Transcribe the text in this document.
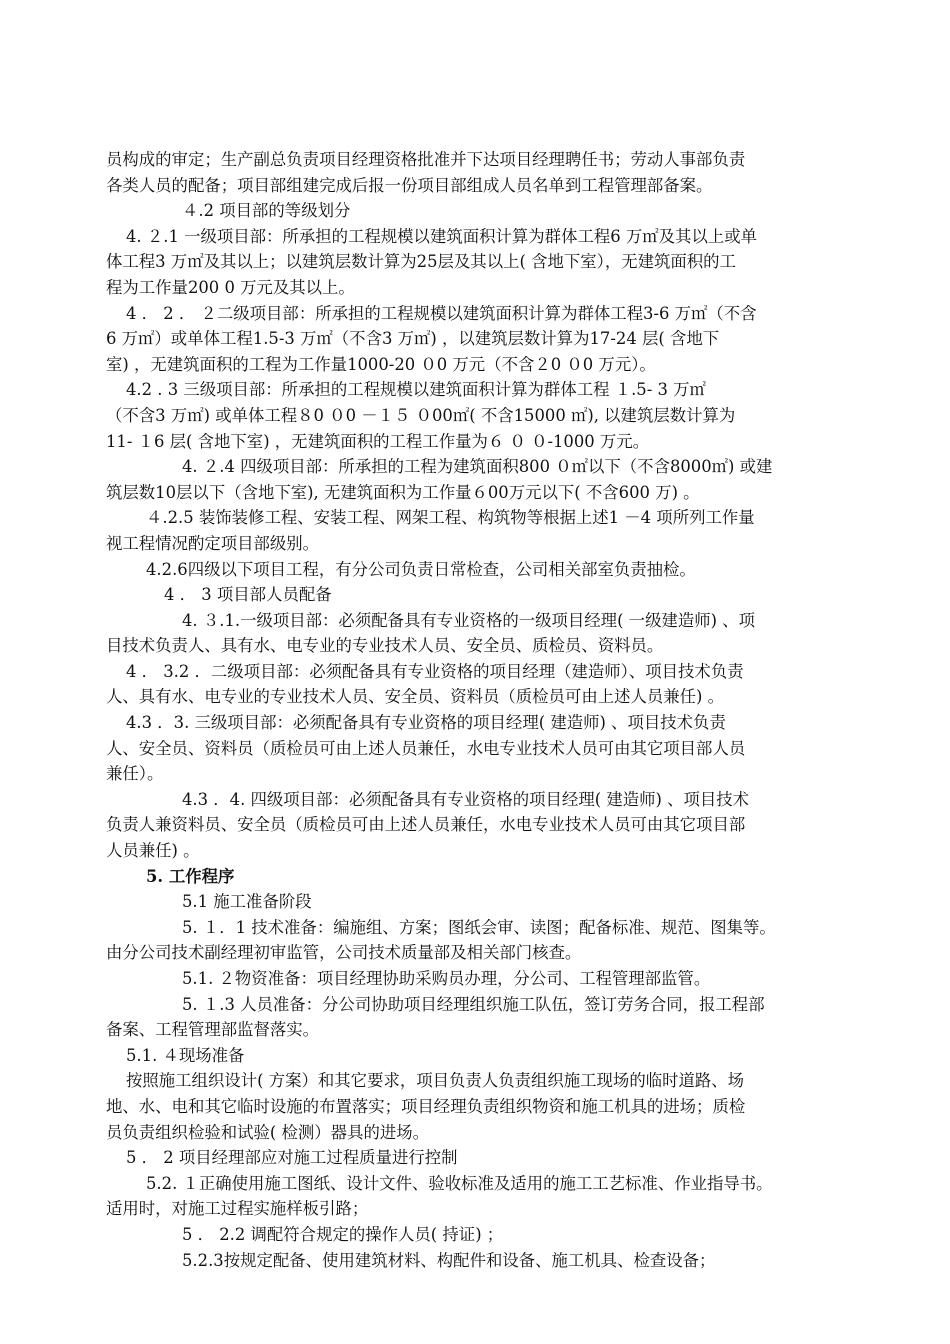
员构成的审定；生产副总负责项目经理资格批准并下达项目经理聘任书；劳动人事部负责
各类人员的配备；项目部组建完成后报一份项目部组成人员名单到工程管理部备案。
４.2 项目部的等级划分
4. ２.1 一级项目部：所承担的工程规模以建筑面积计算为群体工程6 万㎡及其以上或单
体工程3 万㎡及其以上；以建筑层数计算为25层及其以上( 含地下室），无建筑面积的工
程为工作量200 0 万元及其以上。
4 ． 2 ． ２二级项目部：所承担的工程规模以建筑面积计算为群体工程3-6 万㎡（不含
6 万㎡）或单体工程1.5-3 万㎡（不含3 万㎡) ，以建筑层数计算为17-24 层( 含地下
室) ，无建筑面积的工程为工作量1000-20 ０0 万元（不含２0 ０0 万元）。
4.2 . 3 三级项目部：所承担的工程规模以建筑面积计算为群体工程 １.5- 3 万㎡
（不含3 万㎡) 或单体工程８0 ０0 －１５ ０00㎡( 不含15000 ㎡), 以建筑层数计算为
11- １6 层( 含地下室) ，无建筑面积的工程工作量为６ ０ ０-1000 万元。
4. ２.4 四级项目部：所承担的工程为建筑面积800 ０㎡以下（不含8000㎡) 或建
筑层数10层以下（含地下室), 无建筑面积为工作量６00万元以下( 不含600 万) 。
４.2.5 装饰装修工程、安装工程、网架工程、构筑物等根据上述1 －4 项所列工作量
视工程情况酌定项目部级别。
4.2.6四级以下项目工程，有分公司负责日常检查，公司相关部室负责抽检。
4 ． 3 项目部人员配备
4. ３.1.一级项目部：必须配备具有专业资格的一级项目经理( 一级建造师) 、项
目技术负责人、具有水、电专业的专业技术人员、安全员、质检员、资料员。
4 ． 3.2 ．二级项目部：必须配备具有专业资格的项目经理（建造师）、项目技术负责
人、具有水、电专业的专业技术人员、安全员、资料员（质检员可由上述人员兼任) 。
4.3 ．3. 三级项目部：必须配备具有专业资格的项目经理( 建造师) 、项目技术负责
人、安全员、资料员（质检员可由上述人员兼任，水电专业技术人员可由其它项目部人员
兼任）。
4.3 ．4. 四级项目部：必须配备具有专业资格的项目经理( 建造师) 、项目技术
负责人兼资料员、安全员（质检员可由上述人员兼任，水电专业技术人员可由其它项目部
人员兼任) 。
5. 工作程序
5.1 施工准备阶段
5. １．1 技术准备：编施组、方案；图纸会审、读图；配备标准、规范、图集等。
由分公司技术副经理初审监管，公司技术质量部及相关部门核查。
5.1. ２物资准备：项目经理协助采购员办理，分公司、工程管理部监管。
5. １.3 人员准备：分公司协助项目经理组织施工队伍，签订劳务合同，报工程部
备案、工程管理部监督落实。
5.1. ４现场准备
按照施工组织设计( 方案）和其它要求，项目负责人负责组织施工现场的临时道路、场
地、水、电和其它临时设施的布置落实；项目经理负责组织物资和施工机具的进场；质检
员负责组织检验和试验( 检测）器具的进场。
5 ． 2 项目经理部应对施工过程质量进行控制
5.2. １正确使用施工图纸、设计文件、验收标准及适用的施工工艺标准、作业指导书。
适用时，对施工过程实施样板引路；
5 ． 2.2 调配符合规定的操作人员( 持证) ；
5.2.3按规定配备、使用建筑材料、构配件和设备、施工机具、检查设备；
